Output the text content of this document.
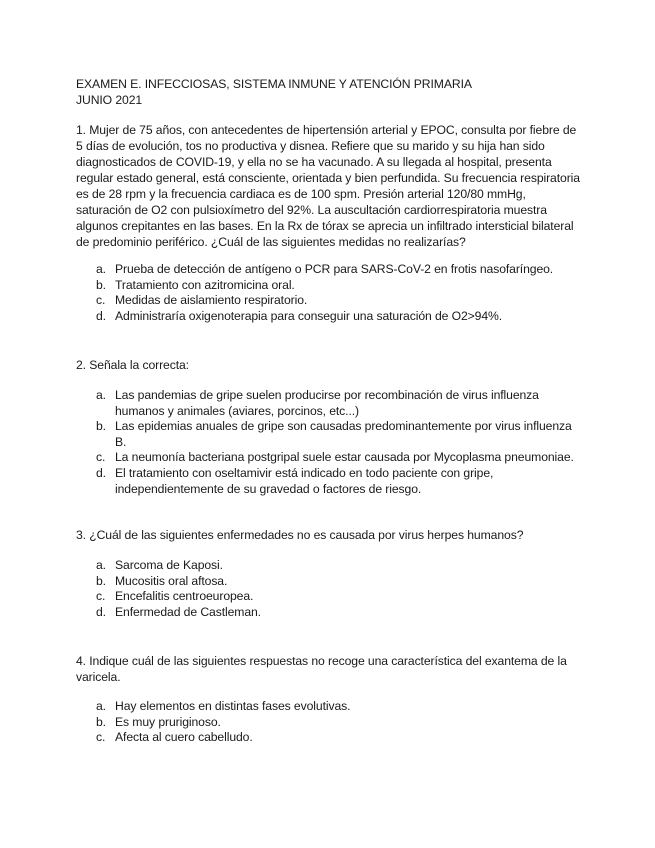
EXAMEN E. INFECCIOSAS, SISTEMA INMUNE Y ATENCIÓN PRIMARIA
JUNIO 2021
1. Mujer de 75 años, con antecedentes de hipertensión arterial y EPOC, consulta por fiebre de 5 días de evolución, tos no productiva y disnea. Refiere que su marido y su hija han sido diagnosticados de COVID-19, y ella no se ha vacunado. A su llegada al hospital, presenta regular estado general, está consciente, orientada y bien perfundida. Su frecuencia respiratoria es de 28 rpm y la frecuencia cardiaca es de 100 spm. Presión arterial 120/80 mmHg, saturación de O2 con pulsioxímetro del 92%. La auscultación cardiorrespiratoria muestra algunos crepitantes en las bases. En la Rx de tórax se aprecia un infiltrado intersticial bilateral de predominio periférico. ¿Cuál de las siguientes medidas no realizarías?
a. Prueba de detección de antígeno o PCR para SARS-CoV-2 en frotis nasofaríngeo.
b. Tratamiento con azitromicina oral.
c. Medidas de aislamiento respiratorio.
d. Administraría oxigenoterapia para conseguir una saturación de O2>94%.
2. Señala la correcta:
a. Las pandemias de gripe suelen producirse por recombinación de virus influenza humanos y animales (aviares, porcinos, etc...)
b. Las epidemias anuales de gripe son causadas predominantemente por virus influenza B.
c. La neumonía bacteriana postgripal suele estar causada por Mycoplasma pneumoniae.
d. El tratamiento con oseltamivir está indicado en todo paciente con gripe, independientemente de su gravedad o factores de riesgo.
3. ¿Cuál de las siguientes enfermedades no es causada por virus herpes humanos?
a. Sarcoma de Kaposi.
b. Mucositis oral aftosa.
c. Encefalitis centroeuropea.
d. Enfermedad de Castleman.
4. Indique cuál de las siguientes respuestas no recoge una característica del exantema de la varicela.
a. Hay elementos en distintas fases evolutivas.
b. Es muy pruriginoso.
c. Afecta al cuero cabelludo.
